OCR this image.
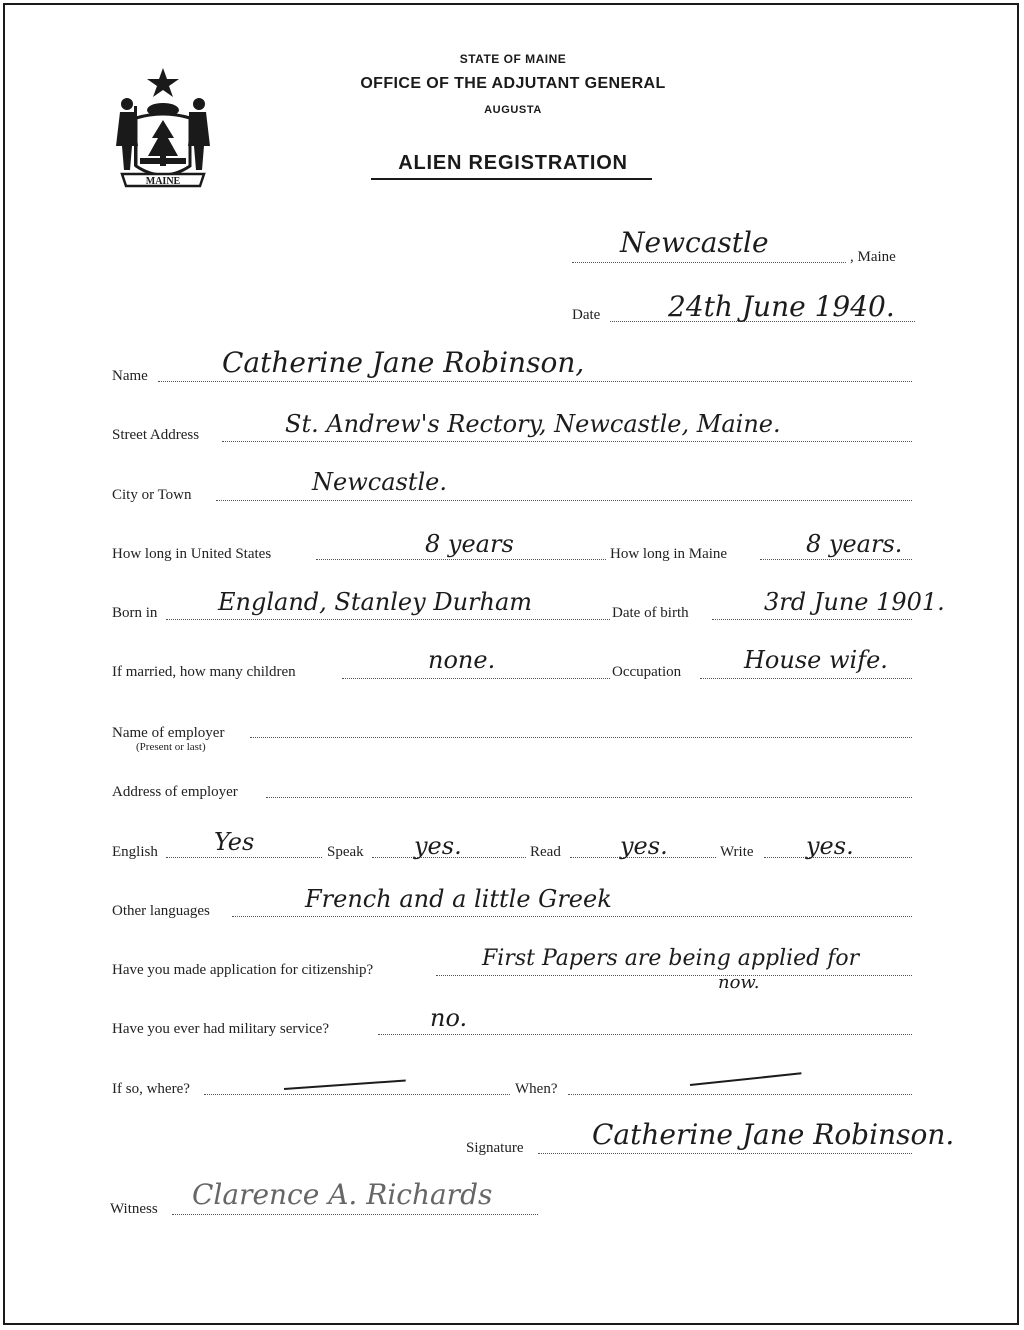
MAINE
STATE OF MAINE
OFFICE OF THE ADJUTANT GENERAL
AUGUSTA
ALIEN REGISTRATION
Newcastle	, Maine
Date 24th June 1940.
Name	Catherine Jane Robinson,
Street Address	St. Andrew's Rectory, Newcastle, Maine.
City or Town	Newcastle.
How long in United States	8 years	How long in Maine	8 years.
Born in	England, Stanley Durham	Date of birth	3rd June 1901.
If married, how many children	none.	Occupation	House wife.
Name of employer
(Present or last)
Address of employer
English Yes	Speak yes.	Read yes.	Write yes.
Other languages	French and a little Greek
Have you made application for citizenship?	First Papers are being applied for
now.
Have you ever had military service?	no.
If so, where?	When?
Signature Catherine Jane Robinson.
Witness Clarence A. Richards
